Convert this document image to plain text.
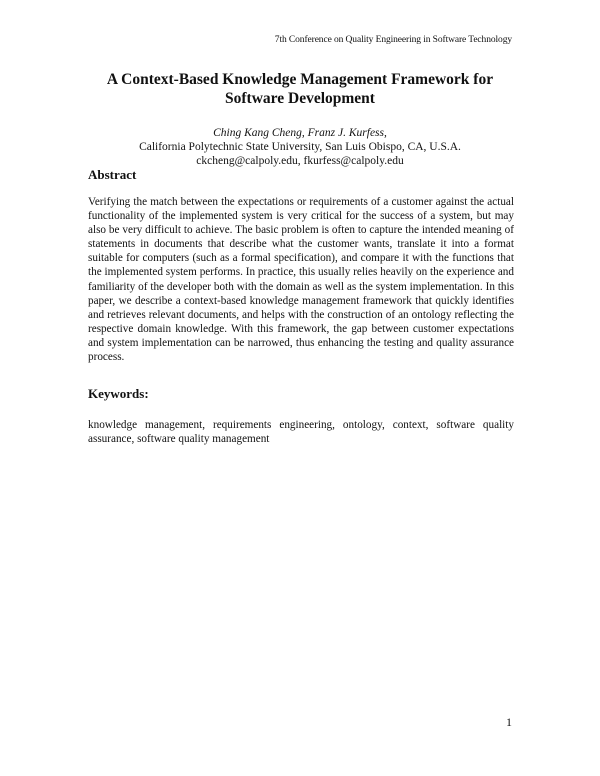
7th Conference on Quality Engineering in Software Technology
A Context-Based Knowledge Management Framework for
Software Development
Ching Kang Cheng, Franz J. Kurfess,
California Polytechnic State University, San Luis Obispo, CA, U.S.A.
ckcheng@calpoly.edu, fkurfess@calpoly.edu
Abstract
Verifying the match between the expectations or requirements of a customer against the actual functionality of the implemented system is very critical for the success of a system, but may also be very difficult to achieve. The basic problem is often to capture the intended meaning of statements in documents that describe what the customer wants, translate it into a format suitable for computers (such as a formal specification), and compare it with the functions that the implemented system performs. In practice, this usually relies heavily on the experience and familiarity of the developer both with the domain as well as the system implementation. In this paper, we describe a context-based knowledge management framework that quickly identifies and retrieves relevant documents, and helps with the construction of an ontology reflecting the respective domain knowledge. With this framework, the gap between customer expectations and system implementation can be narrowed, thus enhancing the testing and quality assurance process.
Keywords:
knowledge management, requirements engineering, ontology, context, software quality assurance, software quality management
1
